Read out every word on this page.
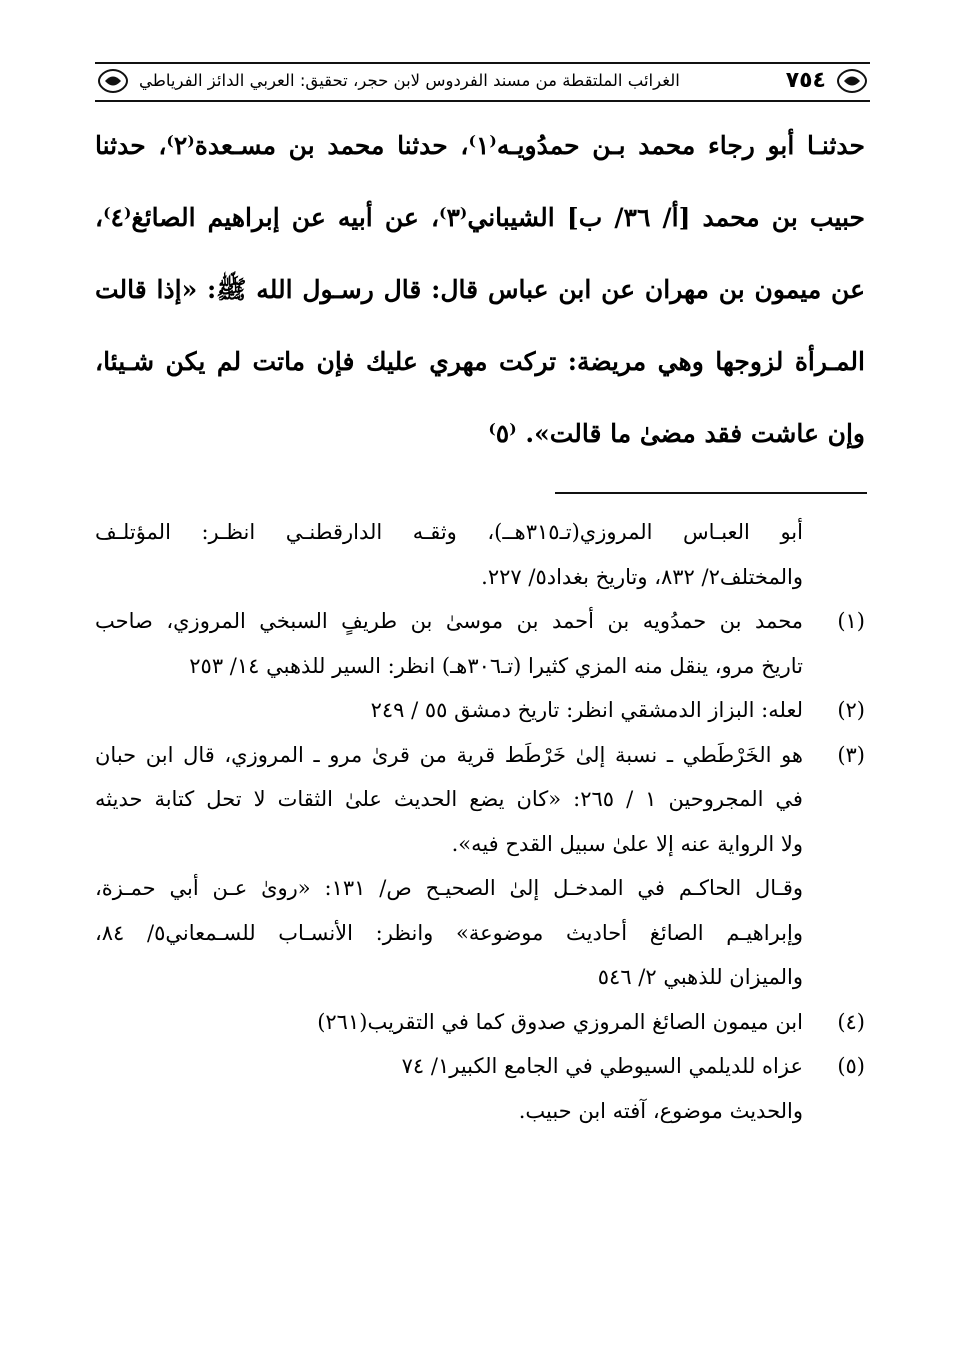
٧٥٤
الغرائب الملتقطة من مسند الفردوس لابن حجر، تحقيق: العربي الدائز الفرياطي
حدثنـا أبو رجاء محمد بـن حمدُويـه⁽١⁾، حدثنا محمد بن مسـعدة⁽٢⁾، حدثنا
حبيب بن محمد [أ/ ٣٦/ ب] الشيباني⁽٣⁾، عن أبيه عن إبراهيم الصائغ⁽٤⁾،
عن ميمون بن مهران عن ابن عباس قال: قال رسـول الله ﷺ: «إذا قالت
المـرأة لزوجها وهي مريضة: تركت مهري عليك فإن ماتت لم يكن شـيئا،
وإن عاشت فقد مضىٰ ما قالت». ⁽٥⁾
أبو العبـاس المروزي(تـ٣١٥هــ)، وثقـه الدارقطنـي انظـر: المؤتلـف
والمختلف٢/ ٨٣٢، وتاريخ بغداد٥/ ٢٢٧.
(١)
محمد بن حمدُويه بن أحمد بن موسىٰ بن طريفٍ السبخي المروزي، صاحب
تاريخ مرو، ينقل منه المزي كثيرا (تـ٣٠٦هـ) انظر: السير للذهبي ١٤/ ٢٥٣
(٢)
لعله: البزاز الدمشقي انظر: تاريخ دمشق ٥٥ / ٢٤٩
(٣)
هو الخَرْطَطي ـ نسبة إلىٰ خَرْطَط قرية من قرىٰ مرو ـ المروزي، قال ابن حبان
في المجروحين ١ / ٢٦٥: «كان يضع الحديث علىٰ الثقات لا تحل كتابة حديثه
ولا الرواية عنه إلا علىٰ سبيل القدح فيه».
وقـال الحاكـم في المدخـل إلىٰ الصحيـح ص/ ١٣١: «روىٰ عـن أبي حمـزة،
وإبراهيـم الصائغ أحاديث موضوعة» وانظر: الأنسـاب للسـمعاني٥/ ٨٤،
والميزان للذهبي ٢/ ٥٤٦
(٤)
ابن ميمون الصائغ المروزي صدوق كما في التقريب(٢٦١)
(٥)
عزاه للديلمي السيوطي في الجامع الكبير١/ ٧٤
والحديث موضوع، آفته ابن حبيب.
